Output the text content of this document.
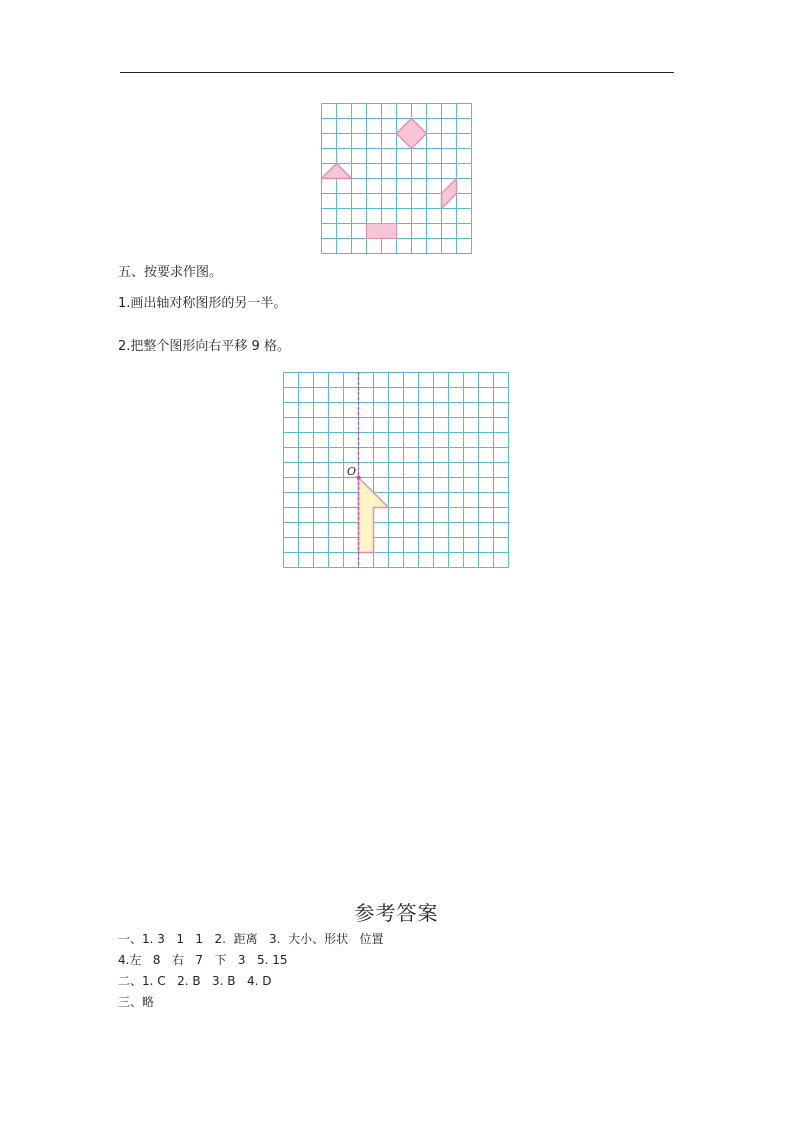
五、按要求作图。
1.画出轴对称图形的另一半。
2.把整个图形向右平移 9 格。
O
参考答案
一、1. 3   1   1   2.  距离   3.  大小、形状   位置
4.左   8   右   7   下   3   5. 15
二、1. C   2. B   3. B   4. D
三、略
